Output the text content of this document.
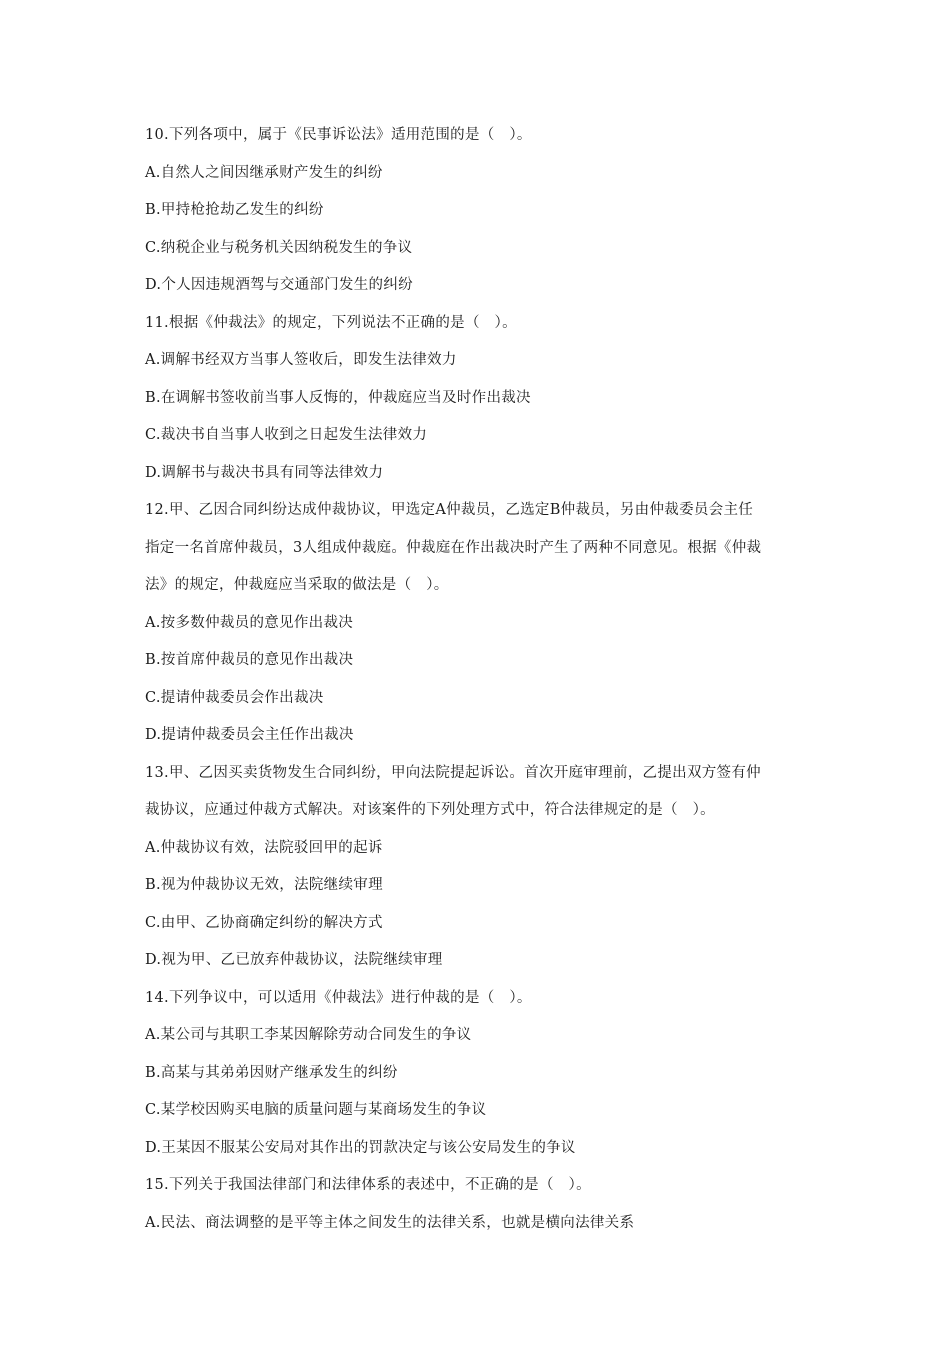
10.下列各项中，属于《民事诉讼法》适用范围的是（　）。
A.自然人之间因继承财产发生的纠纷
B.甲持枪抢劫乙发生的纠纷
C.纳税企业与税务机关因纳税发生的争议
D.个人因违规酒驾与交通部门发生的纠纷
11.根据《仲裁法》的规定，下列说法不正确的是（　）。
A.调解书经双方当事人签收后，即发生法律效力
B.在调解书签收前当事人反悔的，仲裁庭应当及时作出裁决
C.裁决书自当事人收到之日起发生法律效力
D.调解书与裁决书具有同等法律效力
12.甲、乙因合同纠纷达成仲裁协议，甲选定A仲裁员，乙选定B仲裁员，另由仲裁委员会主任
指定一名首席仲裁员，3人组成仲裁庭。仲裁庭在作出裁决时产生了两种不同意见。根据《仲裁
法》的规定，仲裁庭应当采取的做法是（　）。
A.按多数仲裁员的意见作出裁决
B.按首席仲裁员的意见作出裁决
C.提请仲裁委员会作出裁决
D.提请仲裁委员会主任作出裁决
13.甲、乙因买卖货物发生合同纠纷，甲向法院提起诉讼。首次开庭审理前，乙提出双方签有仲
裁协议，应通过仲裁方式解决。对该案件的下列处理方式中，符合法律规定的是（　）。
A.仲裁协议有效，法院驳回甲的起诉
B.视为仲裁协议无效，法院继续审理
C.由甲、乙协商确定纠纷的解决方式
D.视为甲、乙已放弃仲裁协议，法院继续审理
14.下列争议中，可以适用《仲裁法》进行仲裁的是（　）。
A.某公司与其职工李某因解除劳动合同发生的争议
B.高某与其弟弟因财产继承发生的纠纷
C.某学校因购买电脑的质量问题与某商场发生的争议
D.王某因不服某公安局对其作出的罚款决定与该公安局发生的争议
15.下列关于我国法律部门和法律体系的表述中，不正确的是（　）。
A.民法、商法调整的是平等主体之间发生的法律关系，也就是横向法律关系
